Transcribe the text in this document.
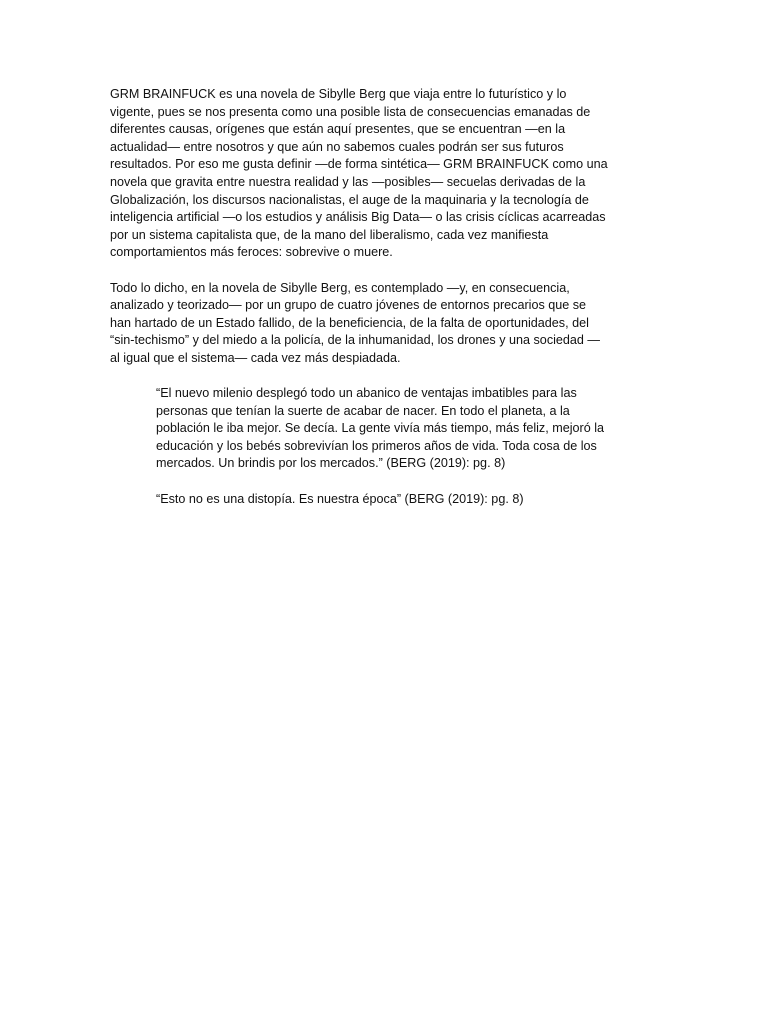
GRM BRAINFUCK es una novela de Sibylle Berg que viaja entre lo futurístico y lo
vigente, pues se nos presenta como una posible lista de consecuencias emanadas de
diferentes causas, orígenes que están aquí presentes, que se encuentran —en la
actualidad— entre nosotros y que aún no sabemos cuales podrán ser sus futuros
resultados. Por eso me gusta definir —de forma sintética— GRM BRAINFUCK como una
novela que gravita entre nuestra realidad y las —posibles— secuelas derivadas de la
Globalización, los discursos nacionalistas, el auge de la maquinaria y la tecnología de
inteligencia artificial —o los estudios y análisis Big Data— o las crisis cíclicas acarreadas
por un sistema capitalista que, de la mano del liberalismo, cada vez manifiesta
comportamientos más feroces: sobrevive o muere.

Todo lo dicho, en la novela de Sibylle Berg, es contemplado —y, en consecuencia,
analizado y teorizado— por un grupo de cuatro jóvenes de entornos precarios que se
han hartado de un Estado fallido, de la beneficiencia, de la falta de oportunidades, del
“sin-techismo” y del miedo a la policía, de la inhumanidad, los drones y una sociedad —
al igual que el sistema— cada vez más despiadada.

“El nuevo milenio desplegó todo un abanico de ventajas imbatibles para las
personas que tenían la suerte de acabar de nacer. En todo el planeta, a la
población le iba mejor. Se decía. La gente vivía más tiempo, más feliz, mejoró la
educación y los bebés sobrevivían los primeros años de vida. Toda cosa de los
mercados. Un brindis por los mercados.” (BERG (2019): pg. 8)

“Esto no es una distopía. Es nuestra época” (BERG (2019): pg. 8)
